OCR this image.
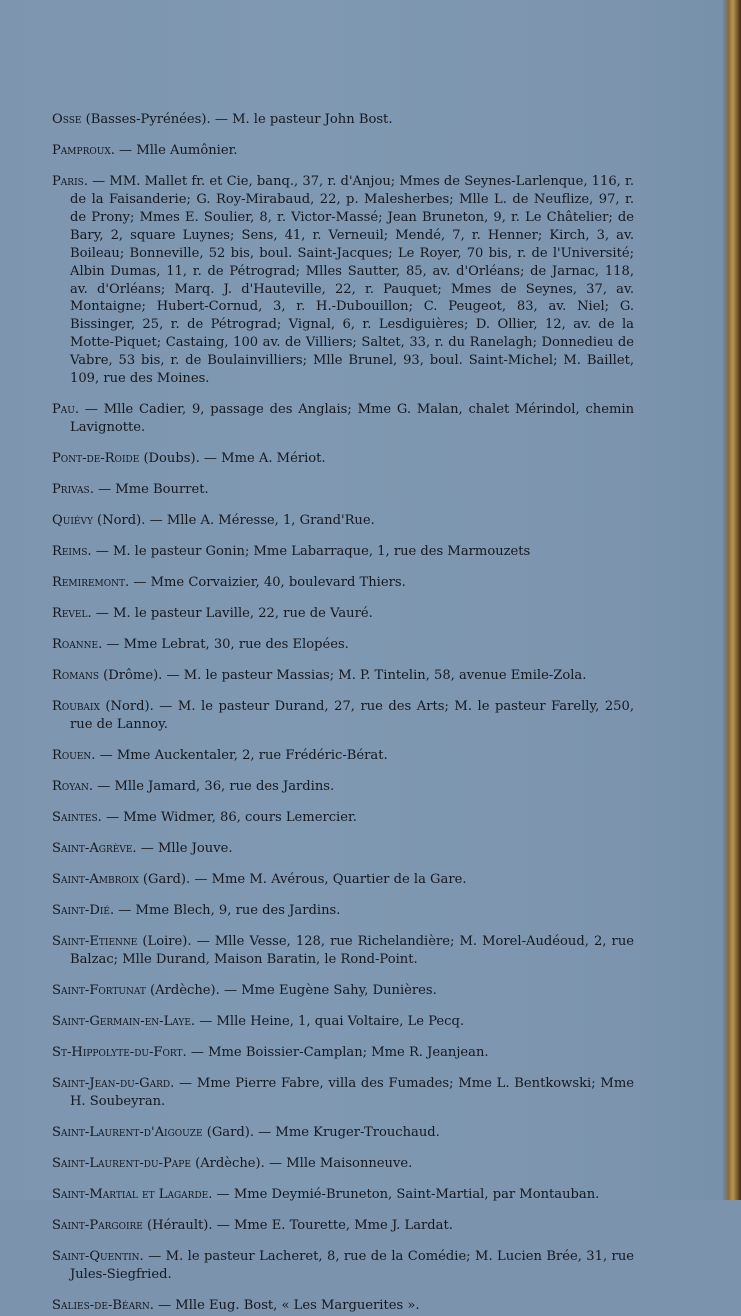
Osse (Basses-Pyrénées). — M. le pasteur John Bost.

Pamproux. — Mlle Aumônier.

Paris. — MM. Mallet fr. et Cie, banq., 37, r. d'Anjou; Mmes de Seynes-Larlenque, 116, r. de la Faisanderie; G. Roy-Mirabaud, 22, p. Malesherbes; Mlle L. de Neuflize, 97, r. de Prony; Mmes E. Soulier, 8, r. Victor-Massé; Jean Bruneton, 9, r. Le Châtelier; de Bary, 2, square Luynes; Sens, 41, r. Verneuil; Mendé, 7, r. Henner; Kirch, 3, av. Boileau; Bonneville, 52 bis, boul. Saint-Jacques; Le Royer, 70 bis, r. de l'Université; Albin Dumas, 11, r. de Pétrograd; Mlles Sautter, 85, av. d'Orléans; de Jarnac, 118, av. d'Orléans; Marq. J. d'Hauteville, 22, r. Pauquet; Mmes de Seynes, 37, av. Montaigne; Hubert-Cornud, 3, r. H.-Dubouillon; C. Peugeot, 83, av. Niel; G. Bissinger, 25, r. de Pétrograd; Vignal, 6, r. Lesdiguières; D. Ollier, 12, av. de la Motte-Piquet; Castaing, 100 av. de Villiers; Saltet, 33, r. du Ranelagh; Donnedieu de Vabre, 53 bis, r. de Boulainvilliers; Mlle Brunel, 93, boul. Saint-Michel; M. Baillet, 109, rue des Moines.

Pau. — Mlle Cadier, 9, passage des Anglais; Mme G. Malan, chalet Mérindol, chemin Lavignotte.

Pont-de-Roide (Doubs). — Mme A. Mériot.

Privas. — Mme Bourret.

Quiévy (Nord). — Mlle A. Méresse, 1, Grand'Rue.

Reims. — M. le pasteur Gonin; Mme Labarraque, 1, rue des Marmouzets

Remiremont. — Mme Corvaizier, 40, boulevard Thiers.

Revel. — M. le pasteur Laville, 22, rue de Vauré.

Roanne. — Mme Lebrat, 30, rue des Elopées.

Romans (Drôme). — M. le pasteur Massias; M. P. Tintelin, 58, avenue Emile-Zola.

Roubaix (Nord). — M. le pasteur Durand, 27, rue des Arts; M. le pasteur Farelly, 250, rue de Lannoy.

Rouen. — Mme Auckentaler, 2, rue Frédéric-Bérat.

Royan. — Mlle Jamard, 36, rue des Jardins.

Saintes. — Mme Widmer, 86, cours Lemercier.

Saint-Agrève. — Mlle Jouve.

Saint-Ambroix (Gard). — Mme M. Avérous, Quartier de la Gare.

Saint-Dié. — Mme Blech, 9, rue des Jardins.

Saint-Etienne (Loire). — Mlle Vesse, 128, rue Richelandière; M. Morel-Audéoud, 2, rue Balzac; Mlle Durand, Maison Baratin, le Rond-Point.

Saint-Fortunat (Ardèche). — Mme Eugène Sahy, Dunières.

Saint-Germain-en-Laye. — Mlle Heine, 1, quai Voltaire, Le Pecq.

St-Hippolyte-du-Fort. — Mme Boissier-Camplan; Mme R. Jeanjean.

Saint-Jean-du-Gard. — Mme Pierre Fabre, villa des Fumades; Mme L. Bentkowski; Mme H. Soubeyran.

Saint-Laurent-d'Aigouze (Gard). — Mme Kruger-Trouchaud.

Saint-Laurent-du-Pape (Ardèche). — Mlle Maisonneuve.

Saint-Martial et Lagarde. — Mme Deymié-Bruneton, Saint-Martial, par Montauban.

Saint-Pargoire (Hérault). — Mme E. Tourette, Mme J. Lardat.

Saint-Quentin. — M. le pasteur Lacheret, 8, rue de la Comédie; M. Lucien Brée, 31, rue Jules-Siegfried.

Salies-de-Béarn. — Mlle Eug. Bost, « Les Marguerites ».
